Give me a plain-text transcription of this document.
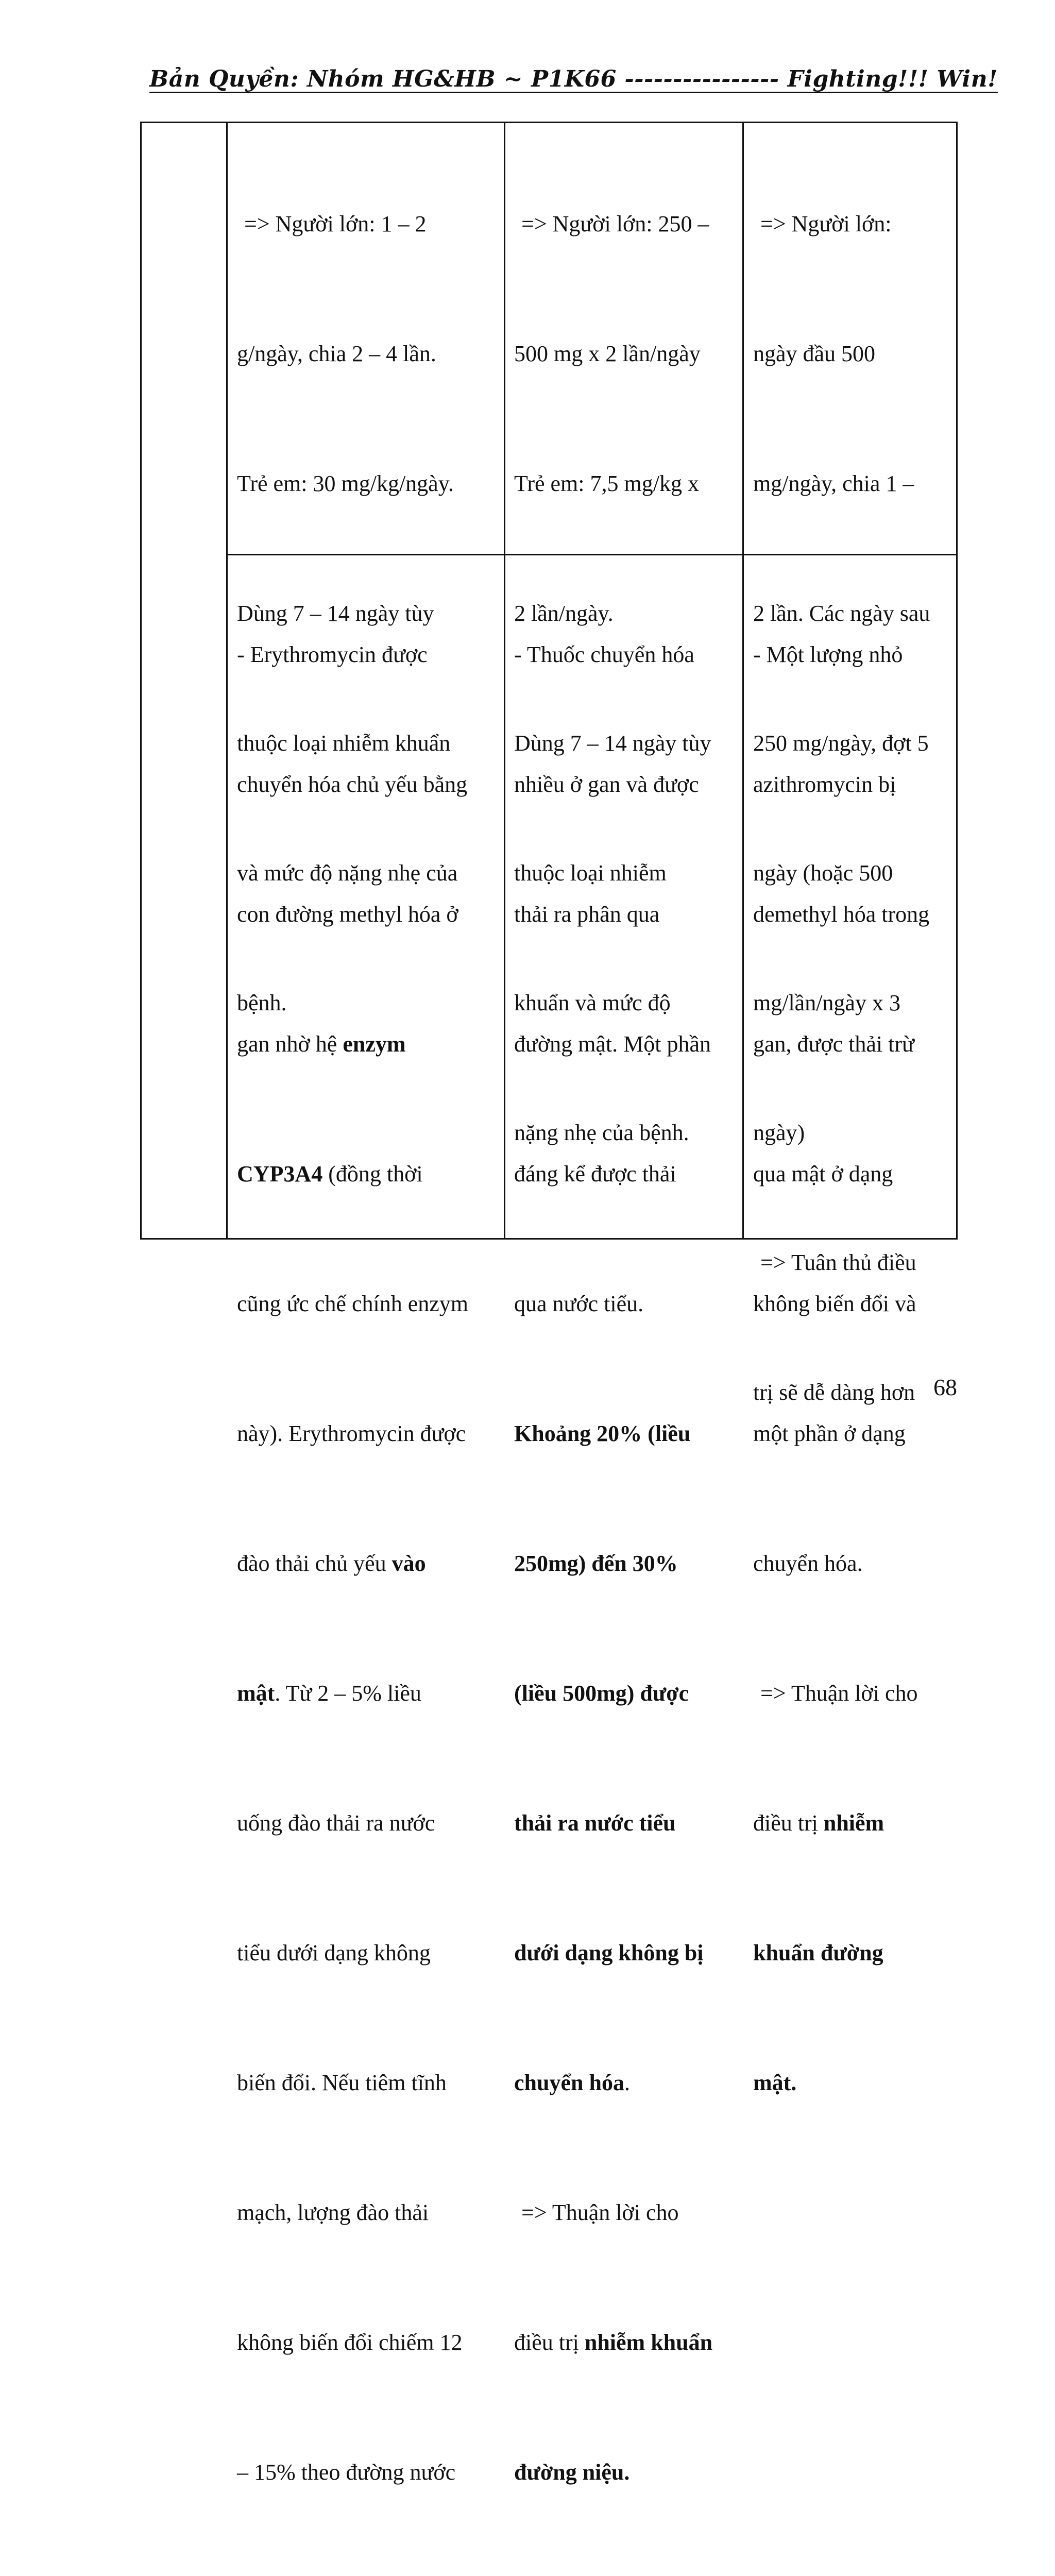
Bản Quyền: Nhóm HG&HB ~ P1K66 ---------------- Fighting!!! Win!

=> Người lớn: 1 – 2

g/ngày, chia 2 – 4 lần.

Trẻ em: 30 mg/kg/ngày.

Dùng 7 – 14 ngày tùy

thuộc loại nhiễm khuẩn

và mức độ nặng nhẹ của

bệnh.

=> Người lớn: 250 –

500 mg x 2 lần/ngày

Trẻ em: 7,5 mg/kg x

2 lần/ngày.

Dùng 7 – 14 ngày tùy

thuộc loại nhiễm

khuẩn và mức độ

nặng nhẹ của bệnh.

=> Người lớn:

ngày đầu 500

mg/ngày, chia 1 –

2 lần. Các ngày sau

250 mg/ngày, đợt 5

ngày (hoặc 500

mg/lần/ngày x 3

ngày)

=> Tuân thủ điều

trị sẽ dễ dàng hơn

- Erythromycin được

chuyển hóa chủ yếu bằng

con đường methyl hóa ở

gan nhờ hệ enzym

CYP3A4 (đồng thời

cũng ức chế chính enzym

này). Erythromycin được

đào thải chủ yếu vào

mật. Từ 2 – 5% liều

uống đào thải ra nước

tiểu dưới dạng không

biến đổi. Nếu tiêm tĩnh

mạch, lượng đào thải

không biến đổi chiếm 12

– 15% theo đường nước

- Thuốc chuyển hóa

nhiều ở gan và được

thải ra phân qua

đường mật. Một phần

đáng kể được thải

qua nước tiểu.

Khoảng 20% (liều

250mg) đến 30%

(liều 500mg) được

thải ra nước tiểu

dưới dạng không bị

chuyển hóa.

=> Thuận lời cho

điều trị nhiễm khuẩn

đường niệu.

- Một lượng nhỏ

azithromycin bị

demethyl hóa trong

gan, được thải trừ

qua mật ở dạng

không biến đổi và

một phần ở dạng

chuyển hóa.

=> Thuận lời cho

điều trị nhiễm

khuẩn đường

mật.

68
